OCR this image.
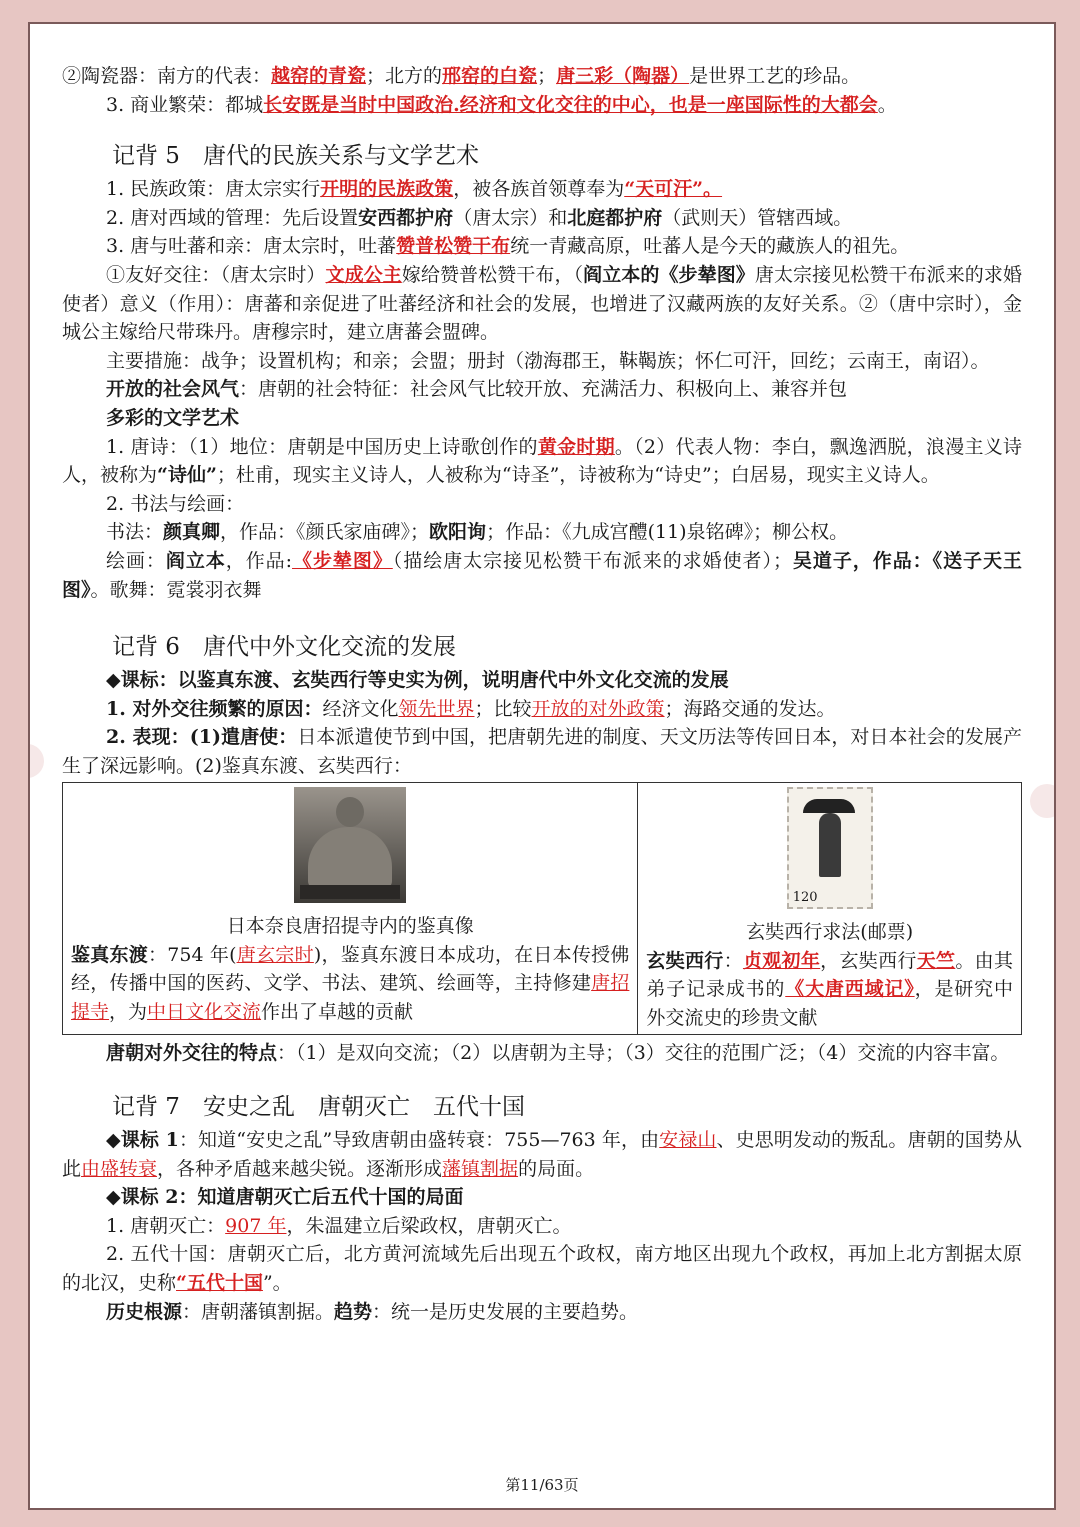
②陶瓷器：南方的代表：越窑的青瓷；北方的邢窑的白瓷；唐三彩（陶器）是世界工艺的珍品。

3. 商业繁荣：都城长安既是当时中国政治.经济和文化交往的中心，也是一座国际性的大都会。

记背 5　唐代的民族关系与文学艺术

1. 民族政策：唐太宗实行开明的民族政策，被各族首领尊奉为“天可汗”。

2. 唐对西域的管理：先后设置安西都护府（唐太宗）和北庭都护府（武则天）管辖西域。

3. 唐与吐蕃和亲：唐太宗时，吐蕃赞普松赞干布统一青藏高原，吐蕃人是今天的藏族人的祖先。

①友好交往：（唐太宗时）文成公主嫁给赞普松赞干布，（阎立本的《步辇图》唐太宗接见松赞干布派来的求婚使者）意义（作用）：唐蕃和亲促进了吐蕃经济和社会的发展，也增进了汉藏两族的友好关系。②（唐中宗时），金城公主嫁给尺带珠丹。唐穆宗时，建立唐蕃会盟碑。

主要措施：战争；设置机构；和亲；会盟；册封（渤海郡王，靺鞨族；怀仁可汗，回纥；云南王，南诏）。

开放的社会风气：唐朝的社会特征：社会风气比较开放、充满活力、积极向上、兼容并包

多彩的文学艺术

1. 唐诗：（1）地位：唐朝是中国历史上诗歌创作的黄金时期。（2）代表人物：李白，飘逸洒脱，浪漫主义诗人，被称为“诗仙”；杜甫，现实主义诗人，人被称为“诗圣”，诗被称为“诗史”；白居易，现实主义诗人。

2. 书法与绘画：

书法：颜真卿，作品：《颜氏家庙碑》；欧阳询；作品：《九成宫醴(11)泉铭碑》；柳公权。

绘画：阎立本，作品:《步辇图》（描绘唐太宗接见松赞干布派来的求婚使者）；吴道子，作品：《送子天王图》。歌舞：霓裳羽衣舞

记背 6　唐代中外文化交流的发展

◆课标：以鉴真东渡、玄奘西行等史实为例，说明唐代中外文化交流的发展

1. 对外交往频繁的原因：经济文化领先世界；比较开放的对外政策；海路交通的发达。

2. 表现：(1)遣唐使：日本派遣使节到中国，把唐朝先进的制度、天文历法等传回日本，对日本社会的发展产生了深远影响。(2)鉴真东渡、玄奘西行：

日本奈良唐招提寺内的鉴真像
鉴真东渡：754 年(唐玄宗时)，鉴真东渡日本成功，在日本传授佛经，传播中国的医药、文学、书法、建筑、绘画等，主持修建唐招提寺，为中日文化交流作出了卓越的贡献

120
玄奘西行求法(邮票)
玄奘西行：贞观初年，玄奘西行天竺。由其弟子记录成书的《大唐西域记》，是研究中外交流史的珍贵文献

唐朝对外交往的特点：（1）是双向交流；（2）以唐朝为主导；（3）交往的范围广泛；（4）交流的内容丰富。

记背 7　安史之乱　唐朝灭亡　五代十国

◆课标 1：知道“安史之乱”导致唐朝由盛转衰：755—763 年，由安禄山、史思明发动的叛乱。唐朝的国势从此由盛转衰，各种矛盾越来越尖锐。逐渐形成藩镇割据的局面。

◆课标 2：知道唐朝灭亡后五代十国的局面

1. 唐朝灭亡：907 年，朱温建立后梁政权，唐朝灭亡。

2. 五代十国：唐朝灭亡后，北方黄河流域先后出现五个政权，南方地区出现九个政权，再加上北方割据太原的北汉，史称“五代十国”。

历史根源：唐朝藩镇割据。趋势：统一是历史发展的主要趋势。

第11/63页
